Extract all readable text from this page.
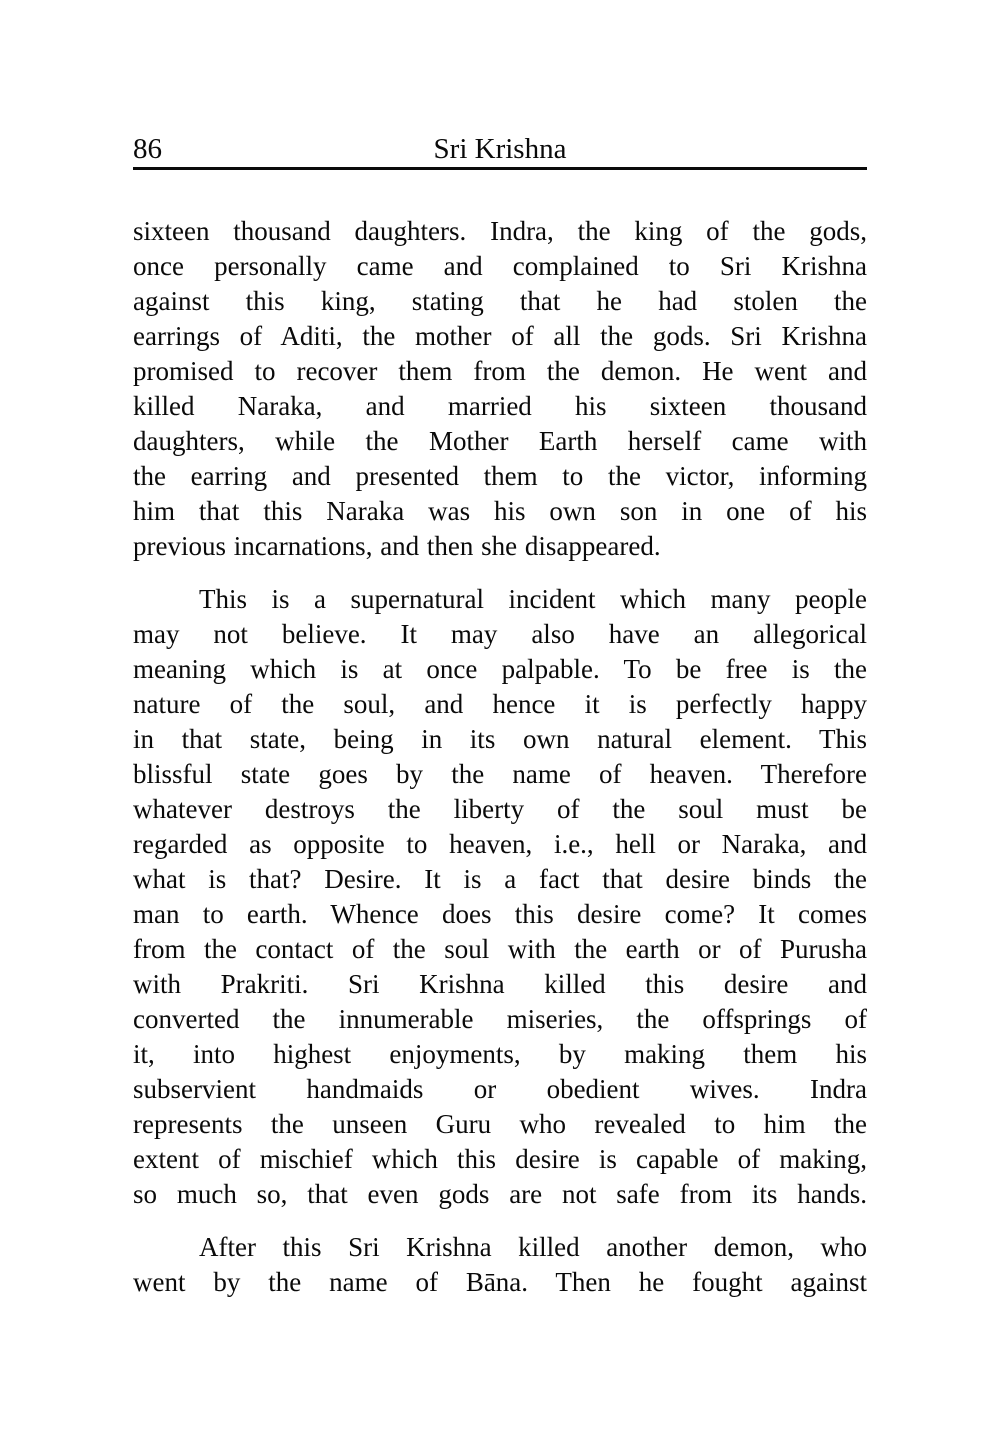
86	Sri Krishna
sixteen thousand daughters. Indra, the king of the gods,
once personally came and complained to Sri Krishna
against this king, stating that he had stolen the
earrings of Aditi, the mother of all the gods. Sri Krishna
promised to recover them from the demon. He went and
killed Naraka, and married his sixteen thousand
daughters, while the Mother Earth herself came with
the earring and presented them to the victor, informing
him that this Naraka was his own son in one of his
previous incarnations, and then she disappeared.
This is a supernatural incident which many people
may not believe. It may also have an allegorical
meaning which is at once palpable. To be free is the
nature of the soul, and hence it is perfectly happy
in that state, being in its own natural element. This
blissful state goes by the name of heaven. Therefore
whatever destroys the liberty of the soul must be
regarded as opposite to heaven, i.e., hell or Naraka, and
what is that? Desire. It is a fact that desire binds the
man to earth. Whence does this desire come? It comes
from the contact of the soul with the earth or of Purusha
with Prakriti. Sri Krishna killed this desire and
converted the innumerable miseries, the offsprings of
it, into highest enjoyments, by making them his
subservient handmaids or obedient wives. Indra
represents the unseen Guru who revealed to him the
extent of mischief which this desire is capable of making,
so much so, that even gods are not safe from its hands.
After this Sri Krishna killed another demon, who
went by the name of Bāna. Then he fought against
